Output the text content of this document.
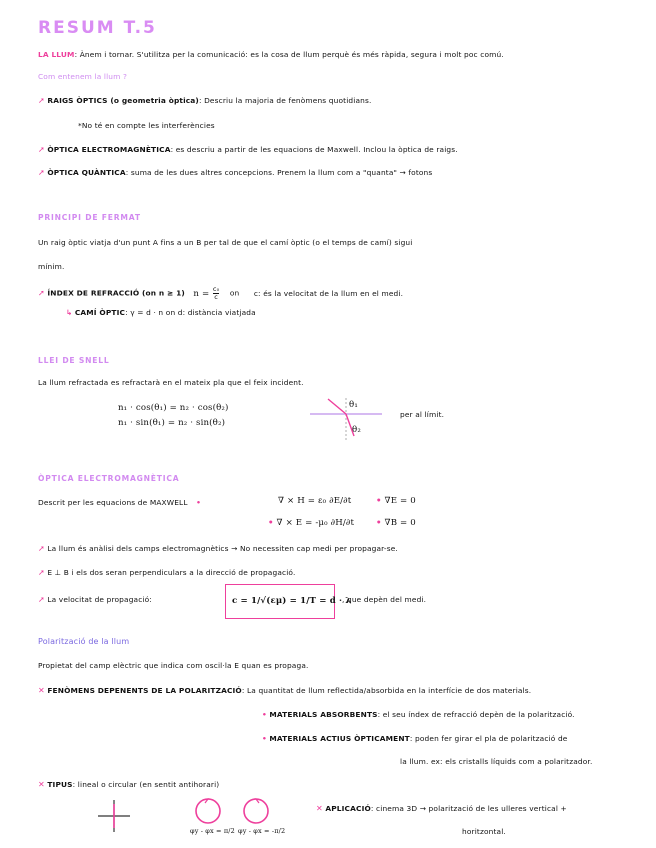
RESUM T.5
LA LLUM: Ànem i tornar. S'utilitza per la comunicació: es la cosa de llum perquè és més ràpida, segura i molt poc comú.
Com entenem la llum ?
➚ RAIGS ÒPTICS (o geometria òptica): Descriu la majoria de fenòmens quotidians.
*No té en compte les interferències
➚ ÒPTICA ELECTROMAGNÈTICA: es descriu a partir de les equacions de Maxwell. Inclou la òptica de raigs.
➚ ÒPTICA QUÀNTICA: suma de les dues altres concepcions. Prenem la llum com a "quanta" → fotons
PRINCIPI DE FERMAT
Un raig òptic viatja d'un punt A fins a un B per tal de que el camí òptic (o el temps de camí) sigui
mínim.
➚ ÍNDEX DE REFRACCIÓ (on n ≥ 1) $n = \frac{\text{c₀}}{c}$ on c: és la velocitat de la llum en el medi.
↳ CAMÍ ÒPTIC: γ = d · n on d: distància viatjada
LLEI DE SNELL
La llum refractada es refractarà en el mateix pla que el feix incident.
n₁ · cos(θ₁) = n₂ · cos(θ₂)
n₁ · sin(θ₁) = n₂ · sin(θ₂)
θ₁
θ₂
per al límit.
ÒPTICA ELECTROMAGNÈTICA
Descrit per les equacions de MAXWELL •	∇ × H = ε₀ ∂E/∂t
• ∇ × E = -μ₀ ∂H/∂t
• ∇E = 0
• ∇B = 0
➚ La llum és anàlisi dels camps electromagnètics → No necessiten cap medi per propagar-se.
➚ E ⊥ B i els dos seran perpendiculars a la direcció de propagació.
➚ La velocitat de propagació:	c = 1/√(εμ) = 1/T = d · λ
, que depèn del medi.
Polarització de la llum
Propietat del camp elèctric que indica com oscil·la E quan es propaga.
✕ FENÒMENS DEPENENTS DE LA POLARITZACIÓ: La quantitat de llum reflectida/absorbida en la interfície de dos materials.
• MATERIALS ABSORBENTS: el seu índex de refracció depèn de la polarització.
• MATERIALS ACTIUS ÒPTICAMENT: poden fer girar el pla de polarització de
la llum. ex: els cristalls líquids com a polaritzador.
✕ TIPUS: lineal o circular (en sentit antihorari)
φy - φx = π/2 φy - φx = -π/2
✕ APLICACIÓ: cinema 3D → polarització de les ulleres vertical +
horitzontal.
